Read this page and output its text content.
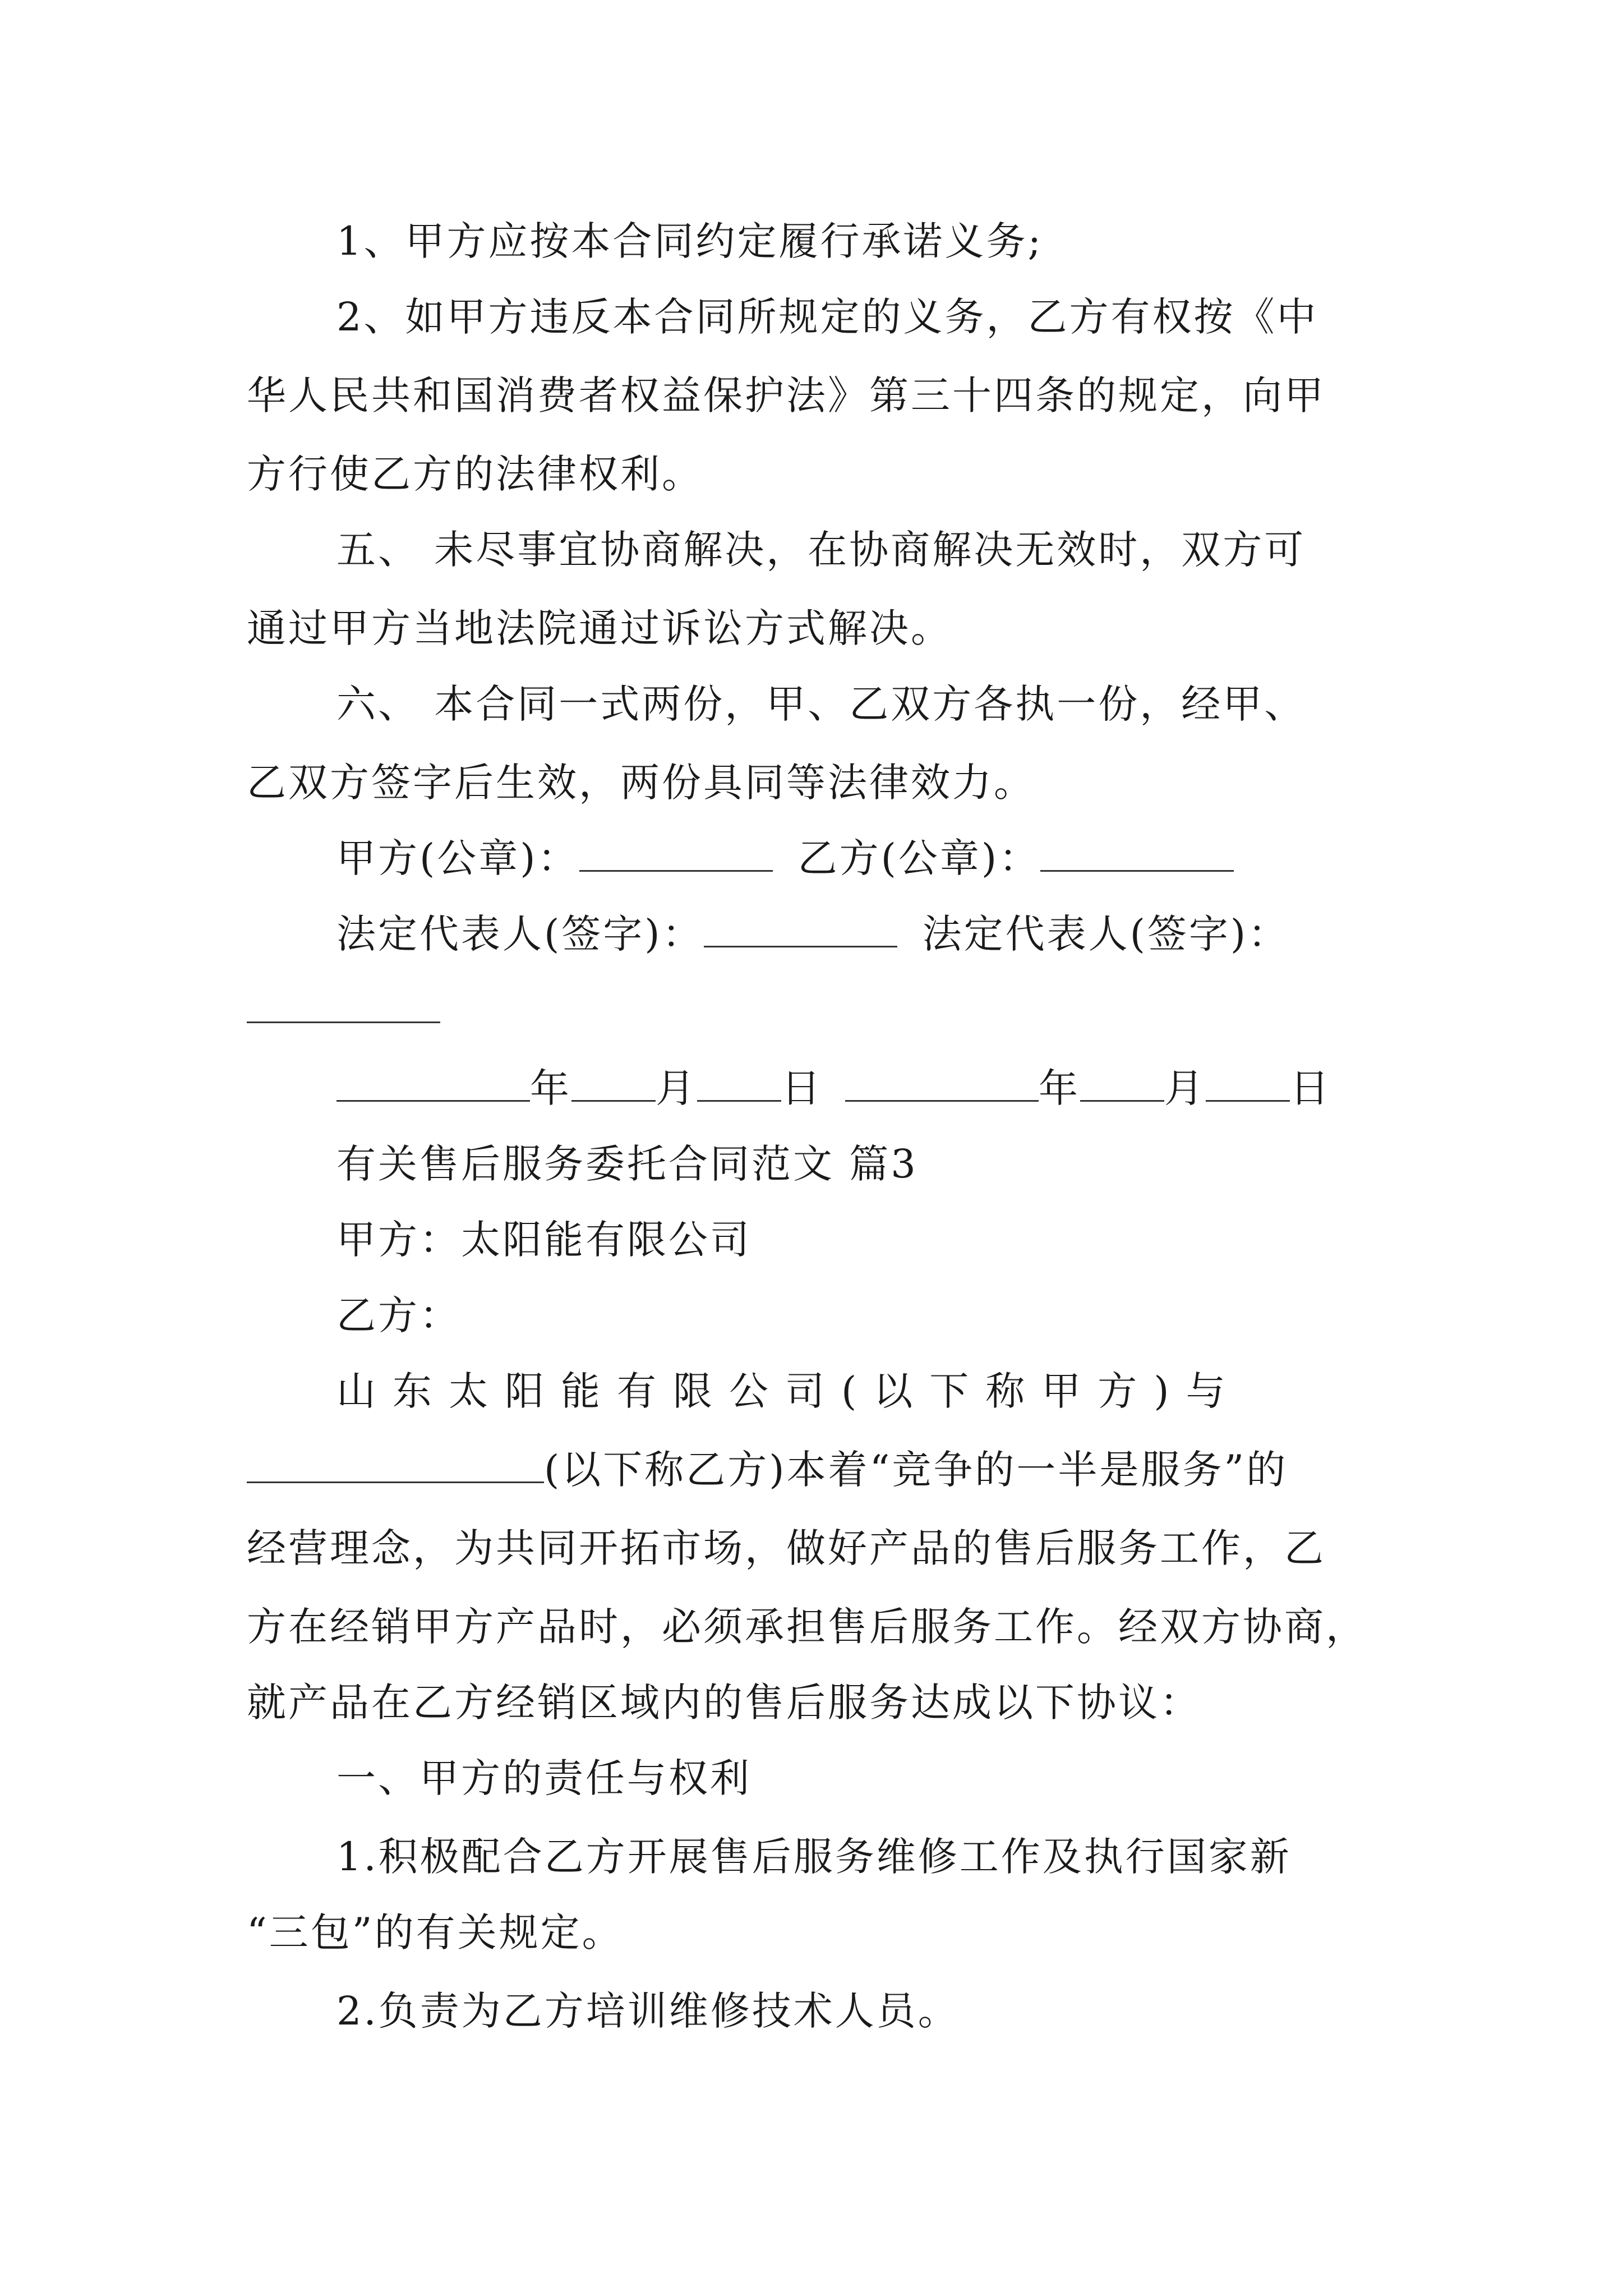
1、甲方应按本合同约定履行承诺义务;
2、如甲方违反本合同所规定的义务，乙方有权按《中
华人民共和国消费者权益保护法》第三十四条的规定，向甲
方行使乙方的法律权利。
五、 未尽事宜协商解决，在协商解决无效时，双方可
通过甲方当地法院通过诉讼方式解决。
六、 本合同一式两份，甲、乙双方各执一份，经甲、
乙双方签字后生效，两份具同等法律效力。
甲方(公章)：	乙方(公章)：
法定代表人(签字)：	法定代表人(签字)：
年 月 日	年 月 日
有关售后服务委托合同范文 篇3
甲方：太阳能有限公司
乙方：
山东太阳能有限公司(以下称甲方)与
(以下称乙方)本着“竞争的一半是服务”的
经营理念，为共同开拓市场，做好产品的售后服务工作，乙
方在经销甲方产品时，必须承担售后服务工作。经双方协商，
就产品在乙方经销区域内的售后服务达成以下协议：
一、甲方的责任与权利
1.积极配合乙方开展售后服务维修工作及执行国家新
“三包”的有关规定。
2.负责为乙方培训维修技术人员。
